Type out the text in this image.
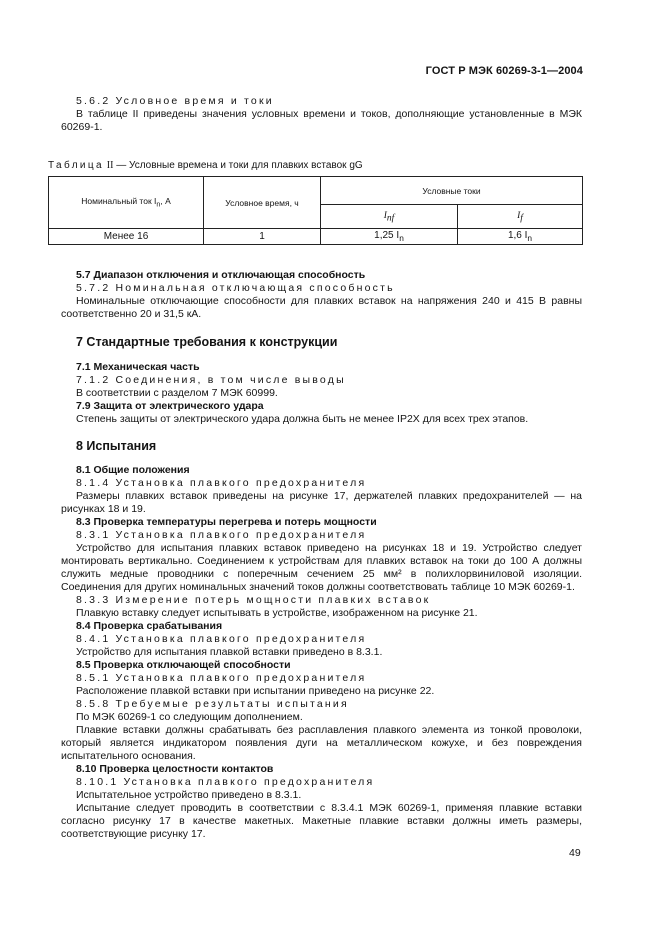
ГОСТ Р МЭК 60269-3-1—2004

5.6.2 Условное время и токи

В таблице II приведены значения условных времени и токов, дополняющие установленные в МЭК 60269-1.

Таблица II — Условные времена и токи для плавких вставок gG
Номинальный ток $I_n$, А	Условное время, ч	Условные токи	
		$I_{nf}$	$I_f$
Менее 16	1	1,25 $I_n$	1,6 $I_n$

5.7 Диапазон отключения и отключающая способность

5.7.2 Номинальная отключающая способность

Номинальные отключающие способности для плавких вставок на напряжения 240 и 415 В равны соответственно 20 и 31,5 кА.

7 Стандартные требования к конструкции

7.1 Механическая часть

7.1.2 Соединения, в том числе выводы

В соответствии с разделом 7 МЭК 60999.

7.9 Защита от электрического удара

Степень защиты от электрического удара должна быть не менее IP2X для всех трех этапов.

8 Испытания

8.1 Общие положения

8.1.4 Установка плавкого предохранителя

Размеры плавких вставок приведены на рисунке 17, держателей плавких предохранителей — на рисунках 18 и 19.

8.3 Проверка температуры перегрева и потерь мощности

8.3.1 Установка плавкого предохранителя

Устройство для испытания плавких вставок приведено на рисунках 18 и 19. Устройство следует монтировать вертикально. Соединением к устройствам для плавких вставок на токи до 100 А должны служить медные проводники с поперечным сечением 25 мм² в полихлорвиниловой изоляции. Соединения для других номинальных значений токов должны соответствовать таблице 10 МЭК 60269-1.

8.3.3 Измерение потерь мощности плавких вставок

Плавкую вставку следует испытывать в устройстве, изображенном на рисунке 21.

8.4 Проверка срабатывания

8.4.1 Установка плавкого предохранителя

Устройство для испытания плавкой вставки приведено в 8.3.1.

8.5 Проверка отключающей способности

8.5.1 Установка плавкого предохранителя

Расположение плавкой вставки при испытании приведено на рисунке 22.

8.5.8 Требуемые результаты испытания

По МЭК 60269-1 со следующим дополнением.

Плавкие вставки должны срабатывать без расплавления плавкого элемента из тонкой проволоки, который является индикатором появления дуги на металлическом кожухе, и без повреждения испытательного основания.

8.10 Проверка целостности контактов

8.10.1 Установка плавкого предохранителя

Испытательное устройство приведено в 8.3.1.

Испытание следует проводить в соответствии с 8.3.4.1 МЭК 60269-1, применяя плавкие вставки согласно рисунку 17 в качестве макетных. Макетные плавкие вставки должны иметь размеры, соответствующие рисунку 17.

49
